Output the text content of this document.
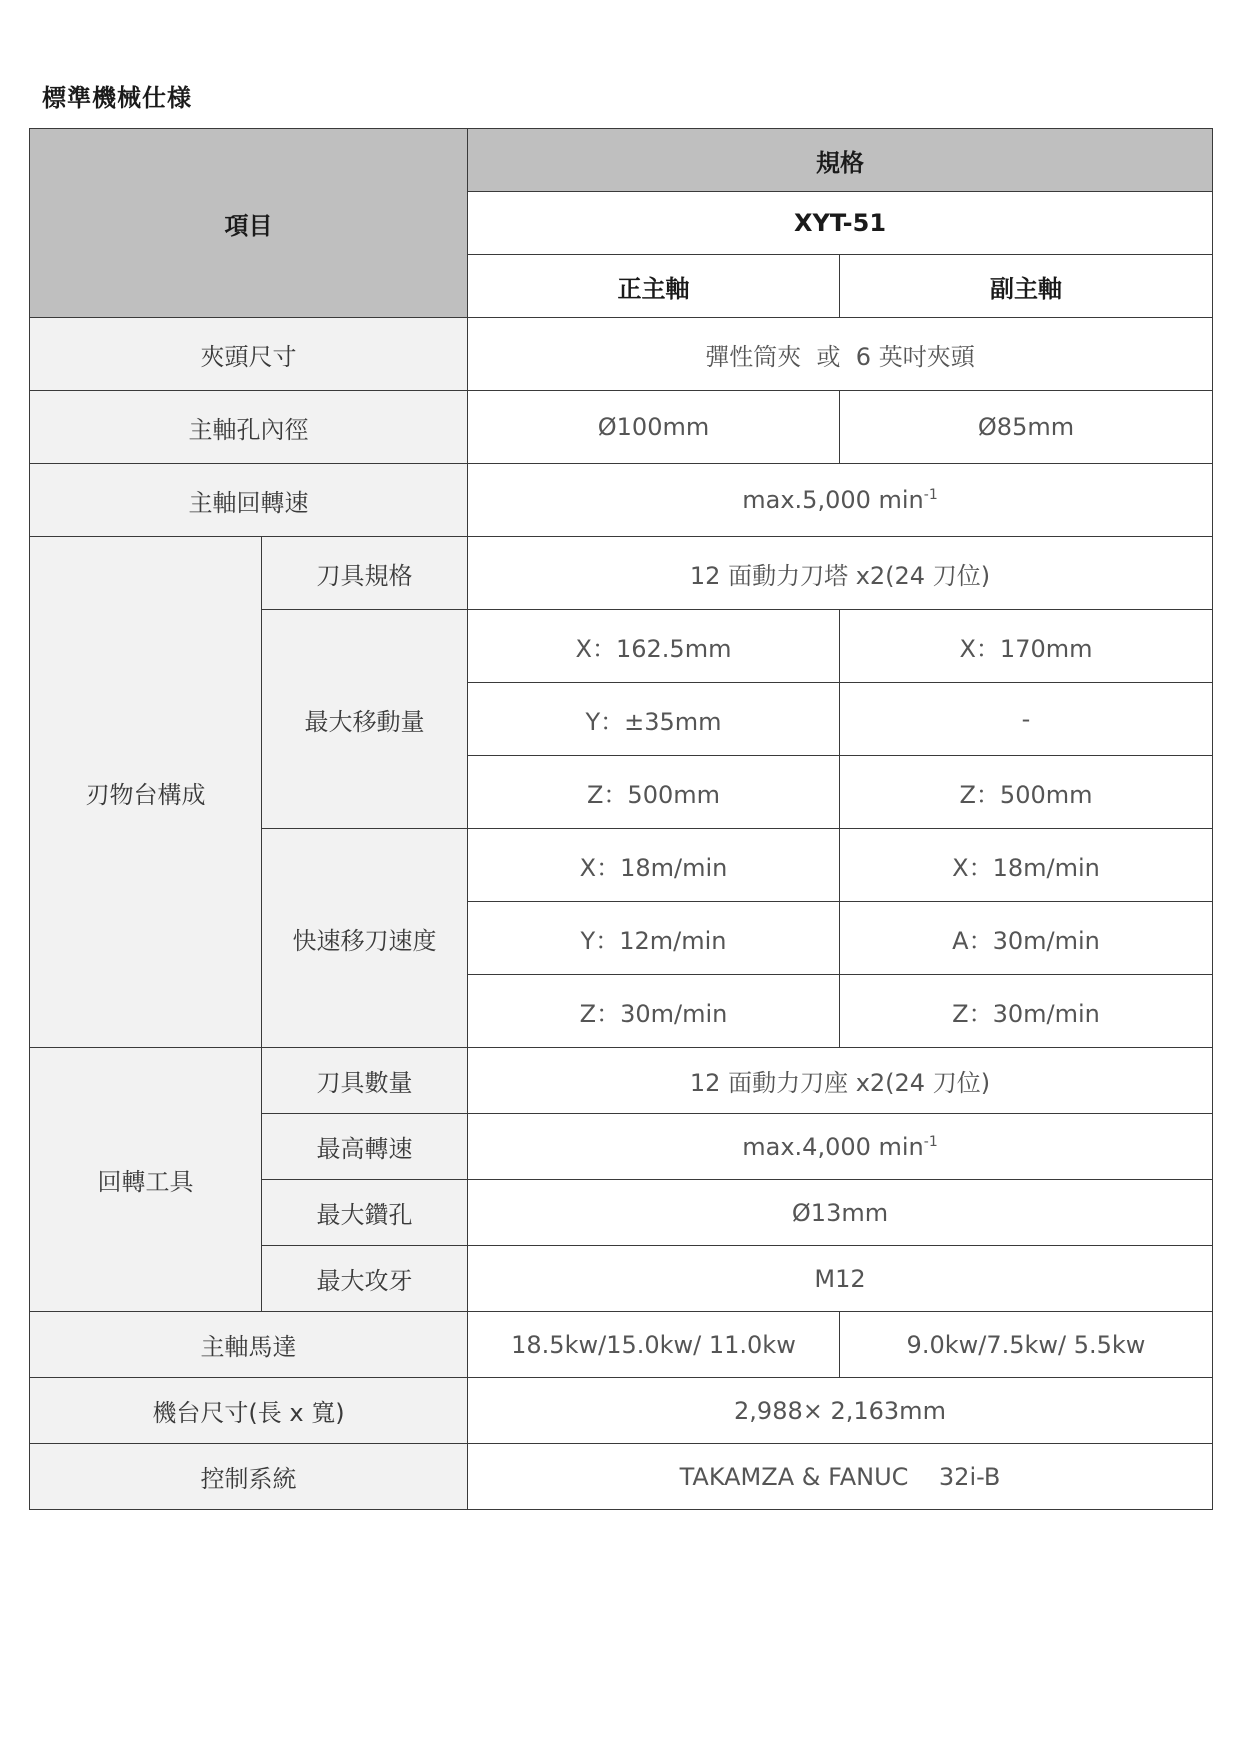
標準機械仕様
項目		規格	
		XYT-51	
		正主軸	副主軸
夾頭尺寸		彈性筒夾  或  6 英吋夾頭	
主軸孔內徑		Ø100mm	Ø85mm
主軸回轉速		max.5,000 $\min^{-1}$
刃物台構成	刀具規格	12 面動力刀塔 x2(24 刀位)	
	最大移動量	X：162.5mm	X：170mm
		Y：±35mm	-
		Z：500mm	Z：500mm
	快速移刀速度	X：18m/min	X：18m/min
		Y：12m/min	A：30m/min
		Z：30m/min	Z：30m/min
回轉工具	刀具數量	12 面動力刀座 x2(24 刀位)	
	最高轉速	max.4,000 $\min^{-1}$
	最大鑽孔	Ø13mm	
	最大攻牙	M12	
主軸馬達		18.5kw/15.0kw/ 11.0kw	9.0kw/7.5kw/ 5.5kw
機台尺寸(長 x 寬)		2,988× 2,163mm	
控制系統		TAKAMZA & FANUC    32i-B	
